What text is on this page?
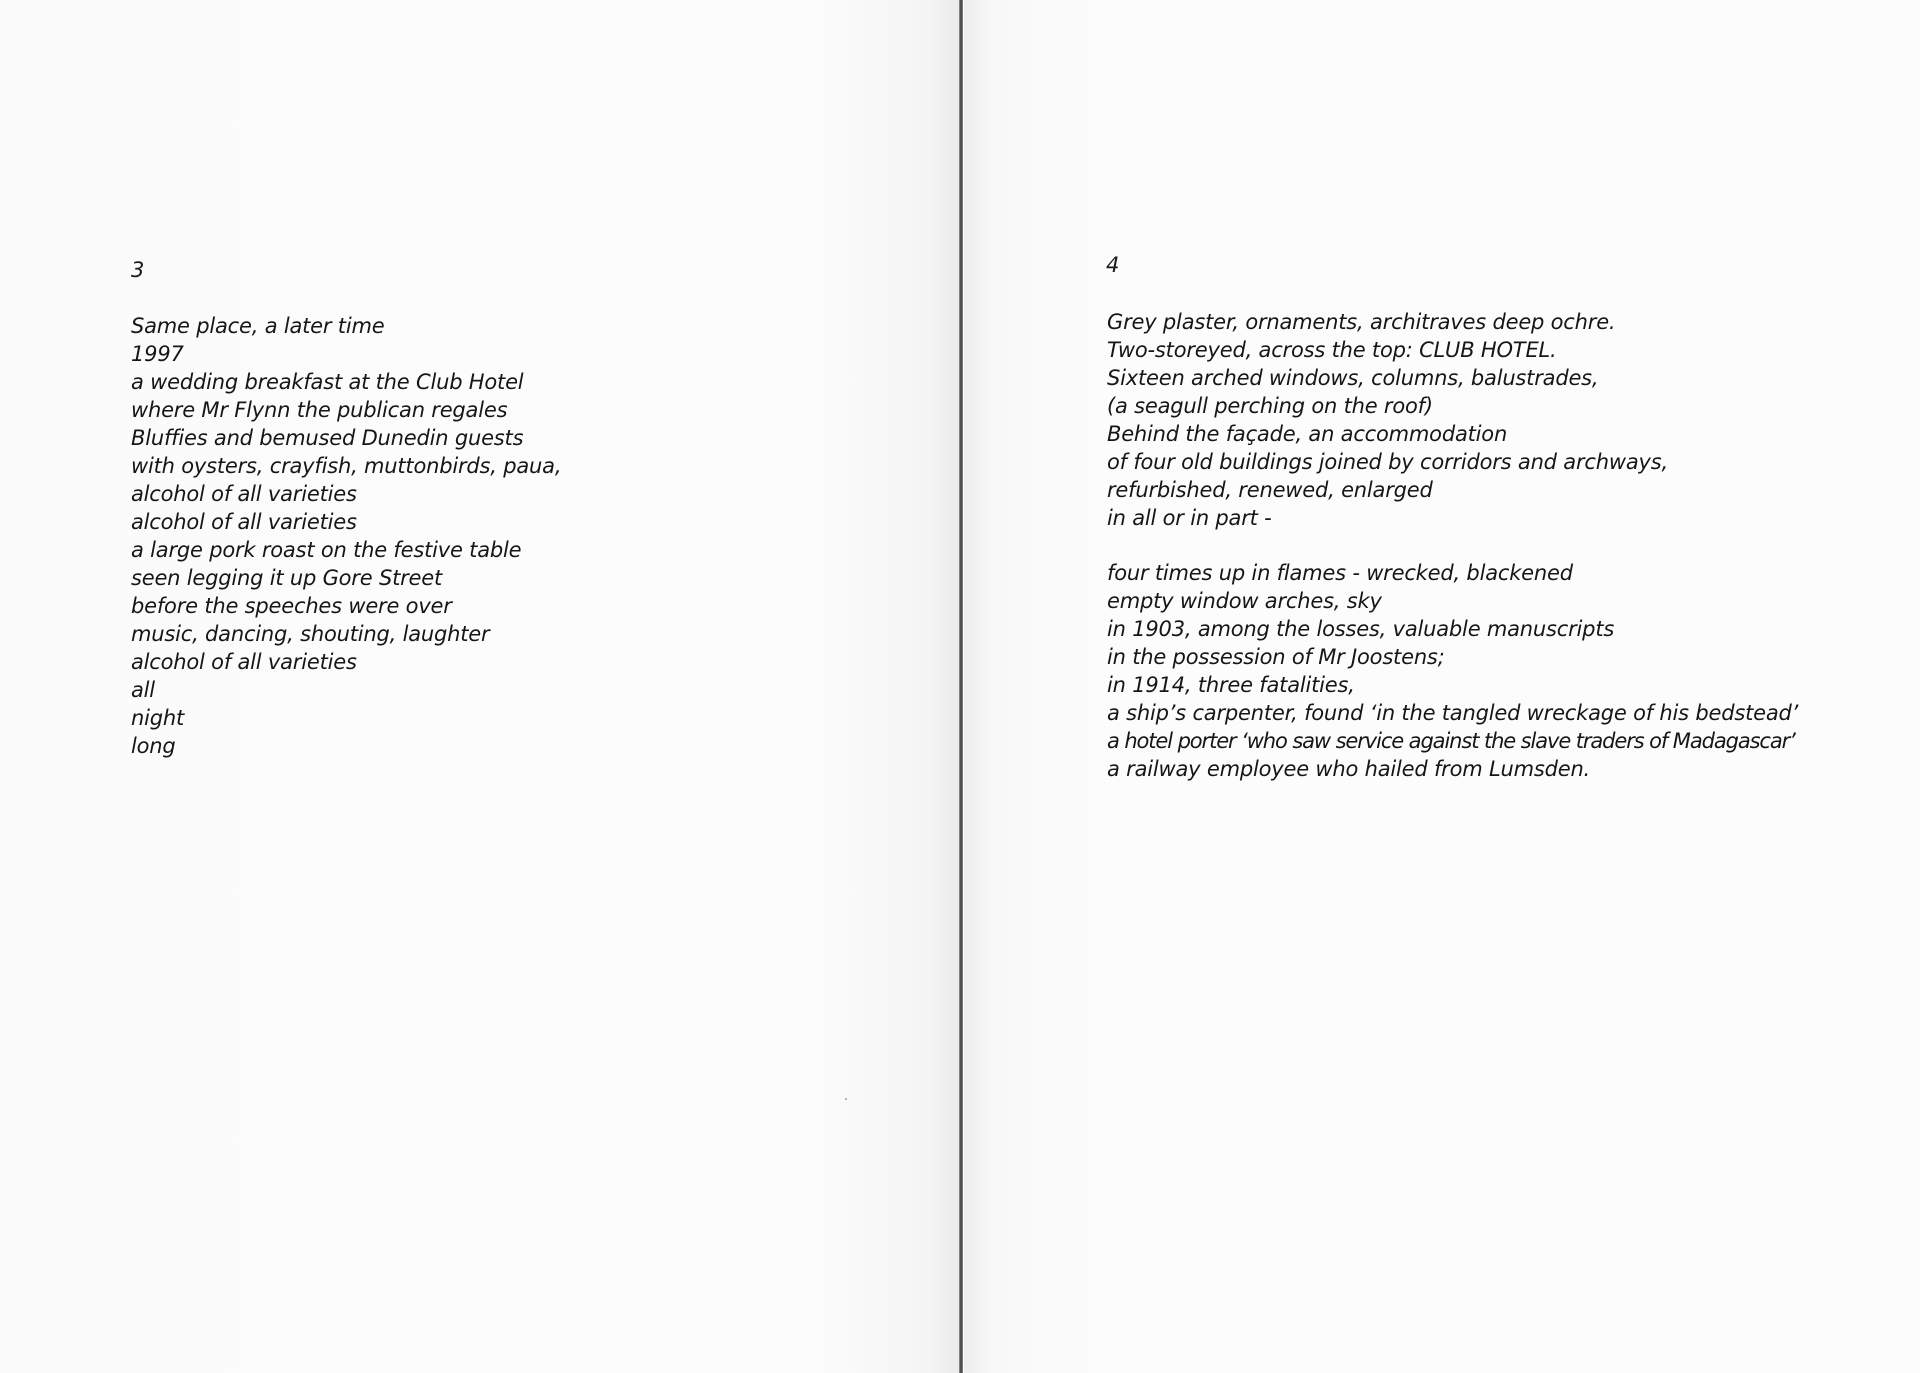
3

Same place, a later time
1997
a wedding breakfast at the Club Hotel
where Mr Flynn the publican regales
Bluffies and bemused Dunedin guests
with oysters, crayfish, muttonbirds, paua,
alcohol of all varieties
alcohol of all varieties
a large pork roast on the festive table
seen legging it up Gore Street
before the speeches were over
music, dancing, shouting, laughter
alcohol of all varieties
all
night
long

4

Grey plaster, ornaments, architraves deep ochre.
Two-storeyed, across the top: CLUB HOTEL.
Sixteen arched windows, columns, balustrades,
(a seagull perching on the roof)
Behind the façade, an accommodation
of four old buildings joined by corridors and archways,
refurbished, renewed, enlarged
in all or in part -
four times up in flames - wrecked, blackened
empty window arches, sky
in 1903, among the losses, valuable manuscripts
in the possession of Mr Joostens;
in 1914, three fatalities,
a ship’s carpenter, found ‘in the tangled wreckage of his bedstead’
a hotel porter ‘who saw service against the slave traders of Madagascar’
a railway employee who hailed from Lumsden.
